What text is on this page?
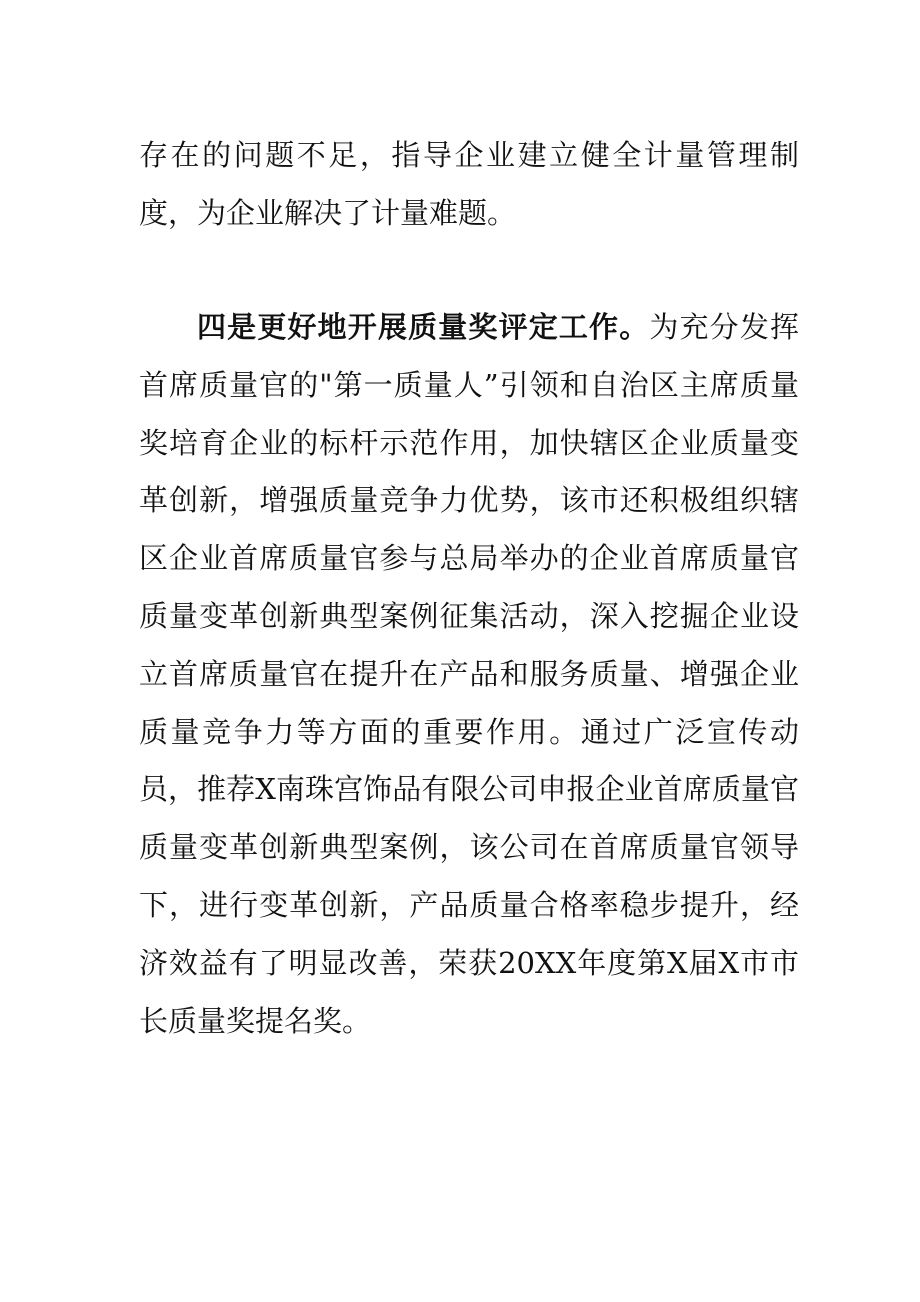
存在的问题不足，指导企业建立健全计量管理制度，为企业解决了计量难题。

四是更好地开展质量奖评定工作。为充分发挥首席质量官的"第一质量人”引领和自治区主席质量奖培育企业的标杆示范作用，加快辖区企业质量变革创新，增强质量竞争力优势，该市还积极组织辖区企业首席质量官参与总局举办的企业首席质量官质量变革创新典型案例征集活动，深入挖掘企业设立首席质量官在提升在产品和服务质量、增强企业质量竞争力等方面的重要作用。通过广泛宣传动员，推荐X南珠宫饰品有限公司申报企业首席质量官质量变革创新典型案例，该公司在首席质量官领导下，进行变革创新，产品质量合格率稳步提升，经济效益有了明显改善，荣获20XX年度第X届X市市长质量奖提名奖。
